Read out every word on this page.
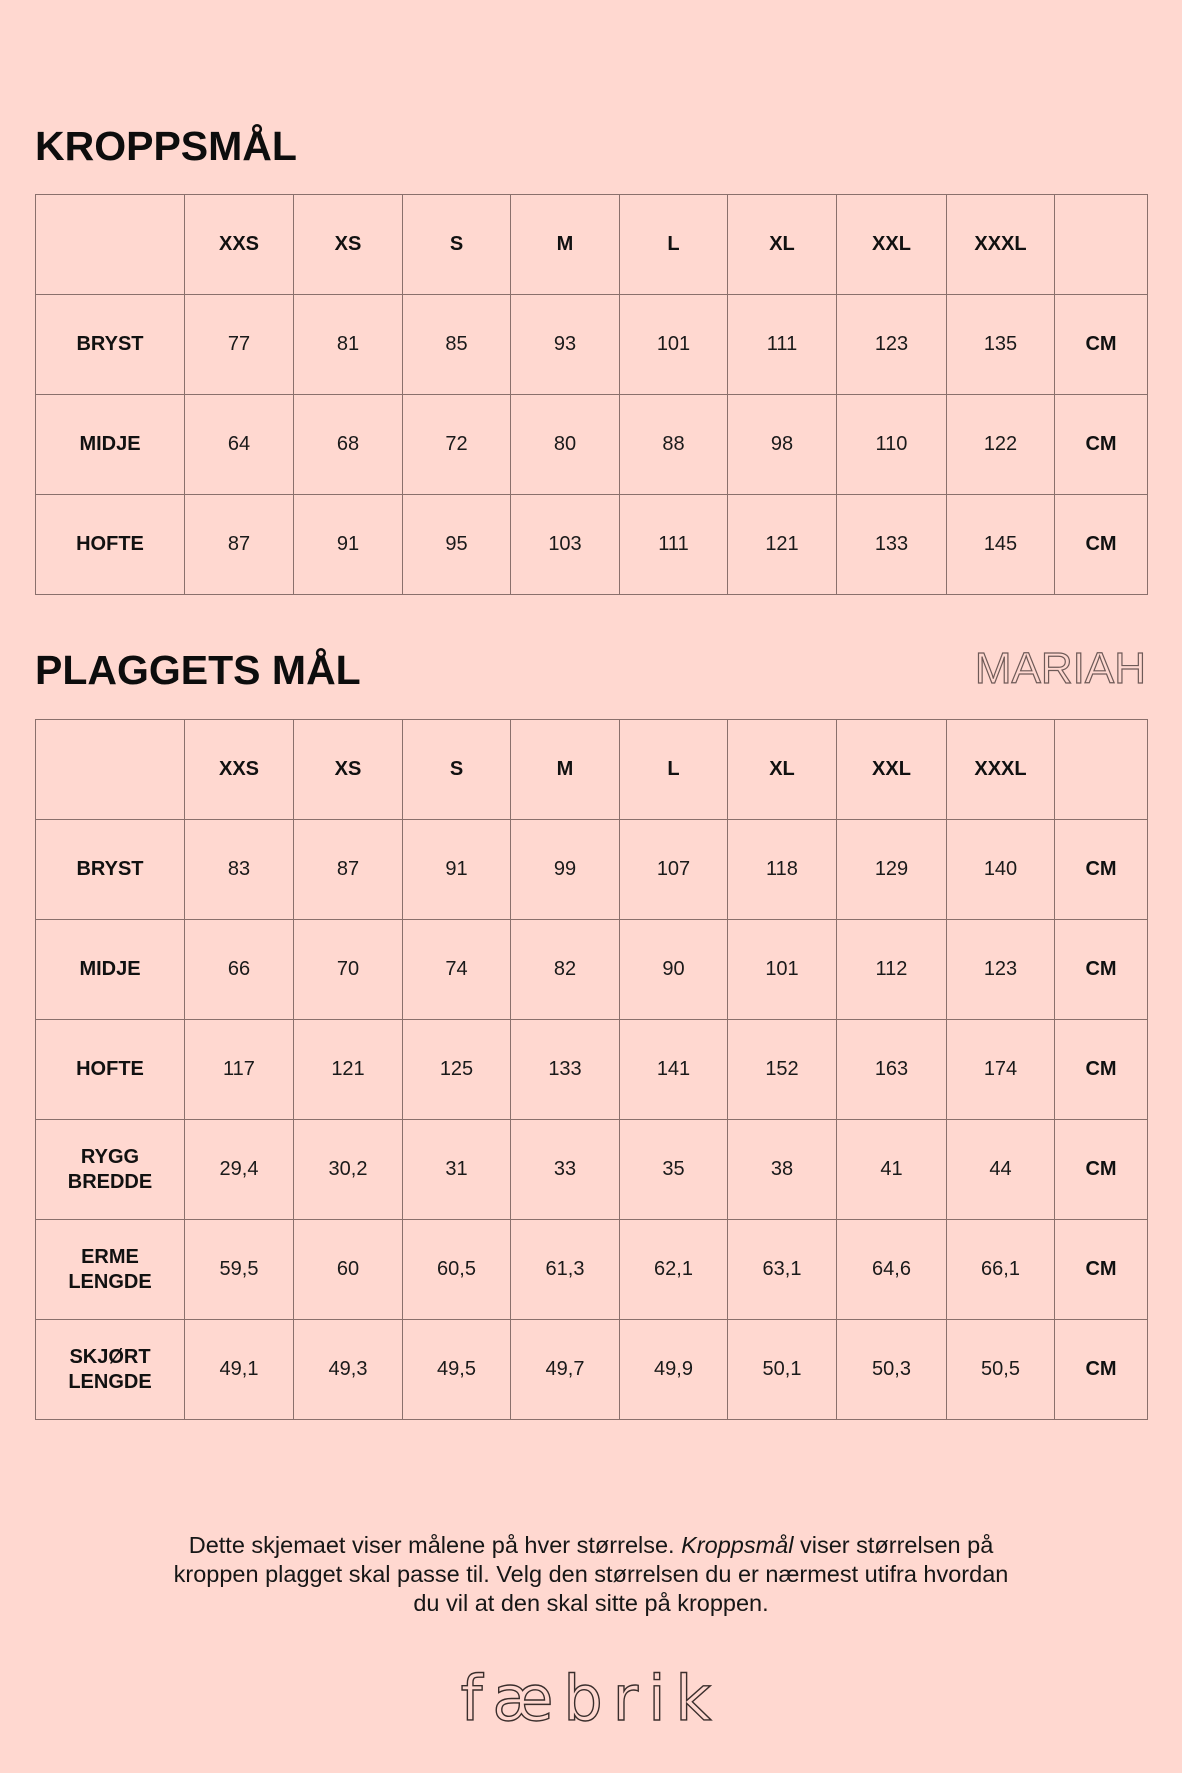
KROPPSMÅL
	XXS	XS	S	M	L	XL	XXL	XXXL	

BRYST	77	81	85	93	101	111	123	135	CM

MIDJE	64	68	72	80	88	98	110	122	CM

HOFTE	87	91	95	103	111	121	133	145	CM
PLAGGETS MÅL	MARIAH
	XXS	XS	S	M	L	XL	XXL	XXXL	

BRYST	83	87	91	99	107	118	129	140	CM

MIDJE	66	70	74	82	90	101	112	123	CM

HOFTE	117	121	125	133	141	152	163	174	CM

RYGG
BREDDE	29,4	30,2	31	33	35	38	41	44	CM

ERME
LENGDE	59,5	60	60,5	61,3	62,1	63,1	64,6	66,1	CM

SKJØRT
LENGDE	49,1	49,3	49,5	49,7	49,9	50,1	50,3	50,5	CM

Dette skjemaet viser målene på hver størrelse. Kroppsmål viser størrelsen på
kroppen plagget skal passe til. Velg den størrelsen du er nærmest utifra hvordan
du vil at den skal sitte på kroppen.

fæbrik
